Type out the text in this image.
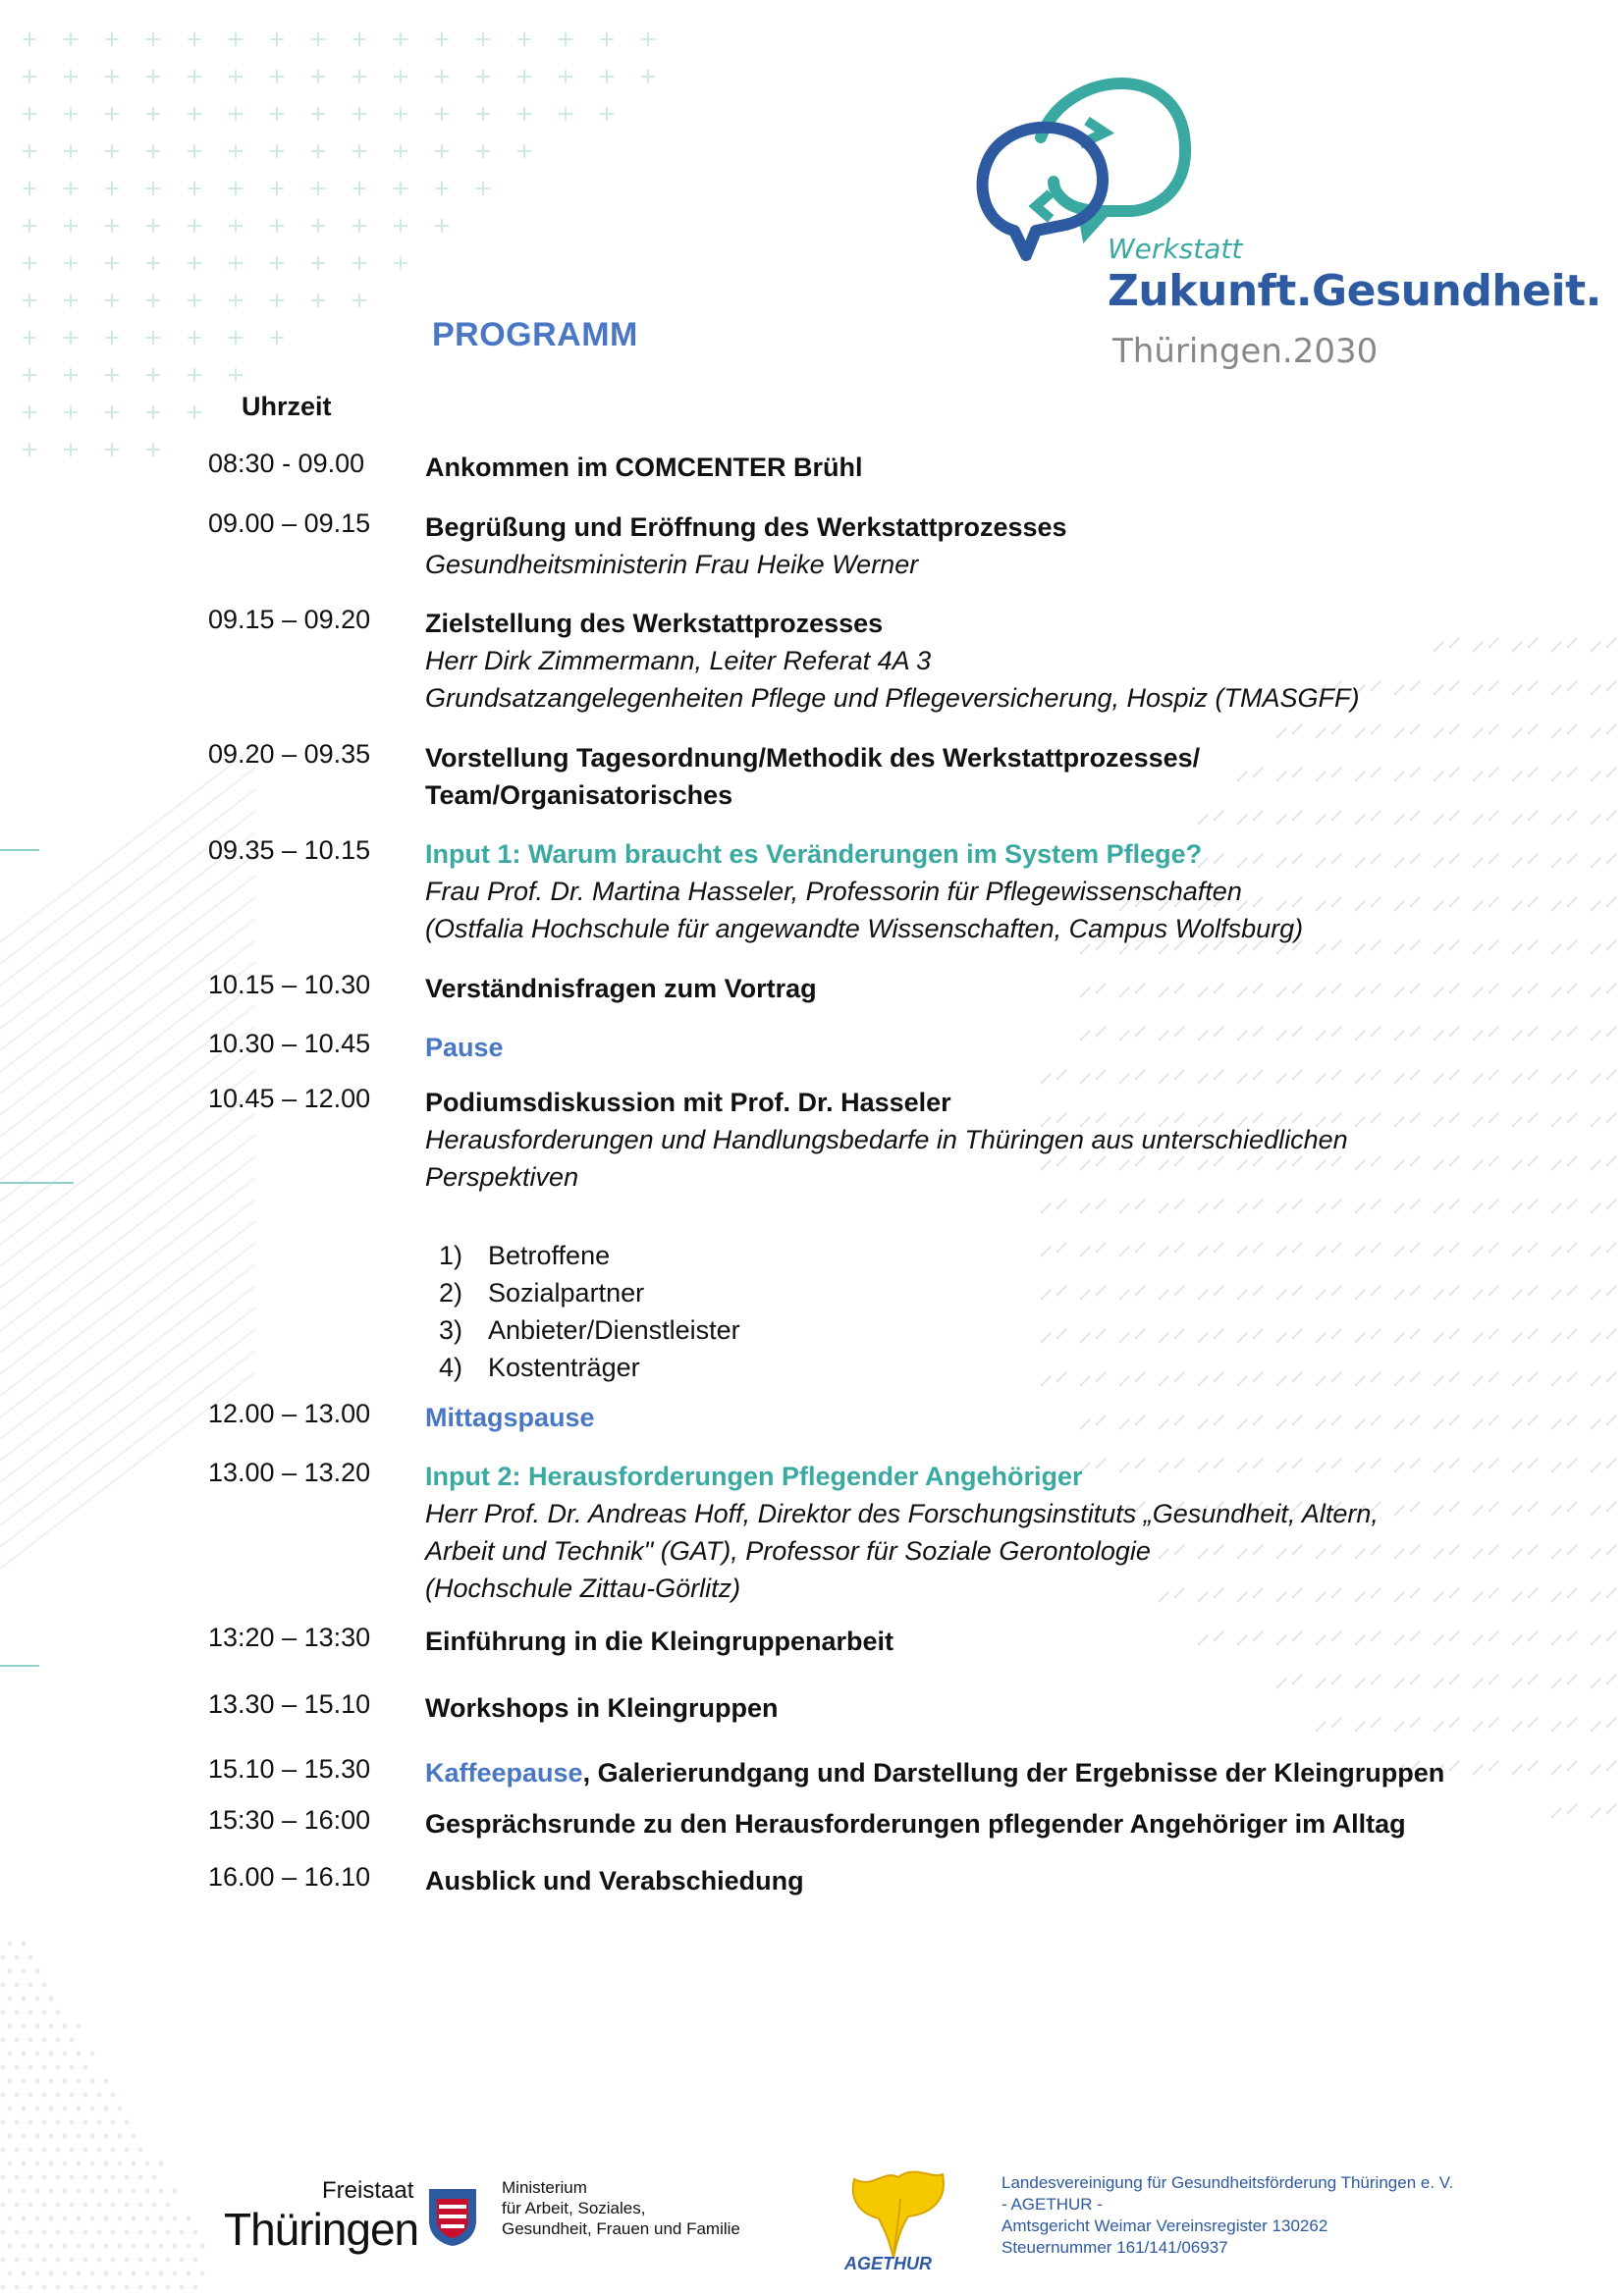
Werkstatt
Zukunft.Gesundheit.
Thüringen.2030
PROGRAMM
Uhrzeit
08:30 - 09.00 Ankommen im COMCENTER Brühl
09.00 – 09.15 Begrüßung und Eröffnung des Werkstattprozesses
Gesundheitsministerin Frau Heike Werner
09.15 – 09.20 Zielstellung des Werkstattprozesses
Herr Dirk Zimmermann, Leiter Referat 4A 3
Grundsatzangelegenheiten Pflege und Pflegeversicherung, Hospiz (TMASGFF)
09.20 – 09.35 Vorstellung Tagesordnung/Methodik des Werkstattprozesses/
Team/Organisatorisches
09.35 – 10.15 Input 1: Warum braucht es Veränderungen im System Pflege?
Frau Prof. Dr. Martina Hasseler, Professorin für Pflegewissenschaften
(Ostfalia Hochschule für angewandte Wissenschaften, Campus Wolfsburg)
10.15 – 10.30 Verständnisfragen zum Vortrag
10.30 – 10.45 Pause
10.45 – 12.00 Podiumsdiskussion mit Prof. Dr. Hasseler
Herausforderungen und Handlungsbedarfe in Thüringen aus unterschiedlichen
Perspektiven
1) Betroffene
2) Sozialpartner
3) Anbieter/Dienstleister
4) Kostenträger
12.00 – 13.00 Mittagspause
13.00 – 13.20 Input 2: Herausforderungen Pflegender Angehöriger
Herr Prof. Dr. Andreas Hoff, Direktor des Forschungsinstituts „Gesundheit, Altern,
Arbeit und Technik" (GAT), Professor für Soziale Gerontologie
(Hochschule Zittau-Görlitz)
13:20 – 13:30 Einführung in die Kleingruppenarbeit
13.30 – 15.10 Workshops in Kleingruppen
15.10 – 15.30 Kaffeepause, Galerierundgang und Darstellung der Ergebnisse der Kleingruppen
15:30 – 16:00 Gesprächsrunde zu den Herausforderungen pflegender Angehöriger im Alltag
16.00 – 16.10 Ausblick und Verabschiedung
Freistaat
Thüringen
Ministerium
für Arbeit, Soziales,
Gesundheit, Frauen und Familie
AGETHUR
Landesvereinigung für Gesundheitsförderung Thüringen e. V.
- AGETHUR -
Amtsgericht Weimar Vereinsregister 130262
Steuernummer 161/141/06937
